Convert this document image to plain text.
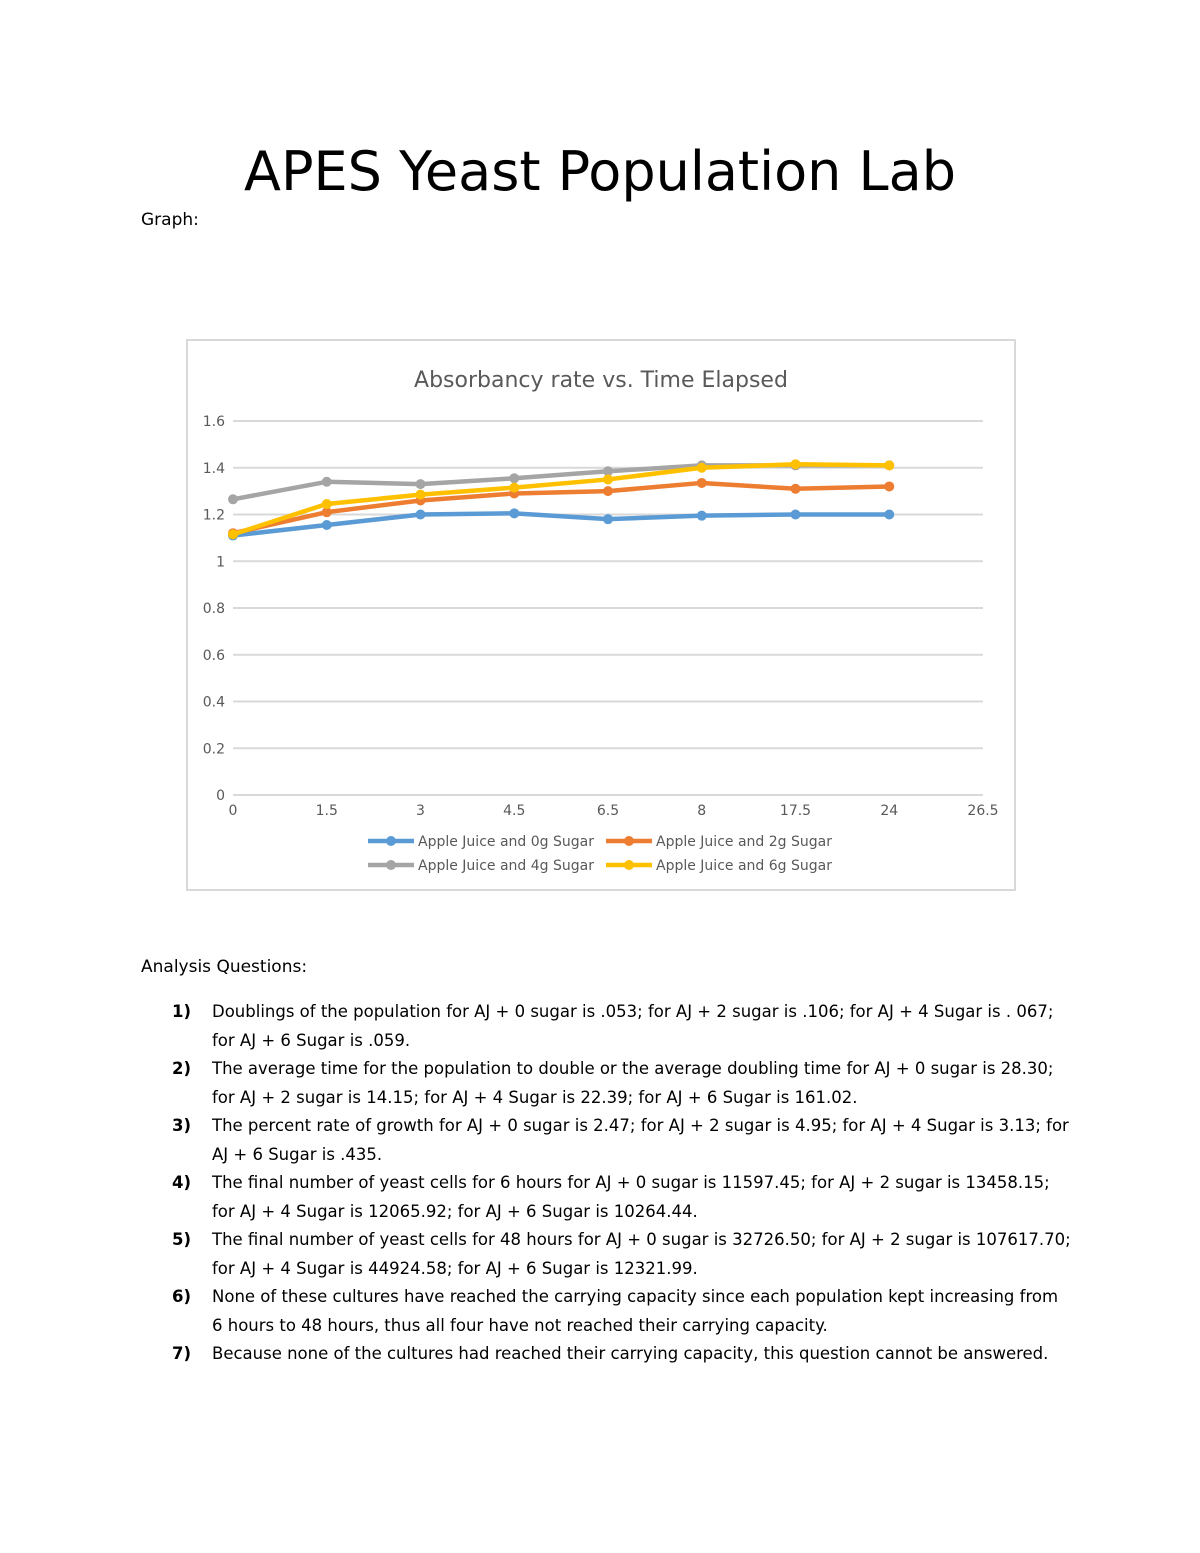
APES Yeast Population Lab
Graph:
Absorbancy rate vs. Time Elapsed
0
0.2
0.4
0.6
0.8
1
1.2
1.4
1.6
0	1.5	3	4.5	6.5	8	17.5	24	26.5
Apple Juice and 0g Sugar	Apple Juice and 2g Sugar
Apple Juice and 4g Sugar	Apple Juice and 6g Sugar
Analysis Questions:
1)	Doublings of the population for AJ + 0 sugar is .053; for AJ + 2 sugar is .106; for AJ + 4 Sugar is . 067; for AJ + 6 Sugar is .059.
2)	The average time for the population to double or the average doubling time for AJ + 0 sugar is 28.30; for AJ + 2 sugar is 14.15; for AJ + 4 Sugar is 22.39; for AJ + 6 Sugar is 161.02.
3)	The percent rate of growth for AJ + 0 sugar is 2.47; for AJ + 2 sugar is 4.95; for AJ + 4 Sugar is 3.13; for AJ + 6 Sugar is .435.
4)	The final number of yeast cells for 6 hours for AJ + 0 sugar is 11597.45; for AJ + 2 sugar is 13458.15; for AJ + 4 Sugar is 12065.92; for AJ + 6 Sugar is 10264.44.
5)	The final number of yeast cells for 48 hours for AJ + 0 sugar is 32726.50; for AJ + 2 sugar is 107617.70; for AJ + 4 Sugar is 44924.58; for AJ + 6 Sugar is 12321.99.
6)	None of these cultures have reached the carrying capacity since each population kept increasing from 6 hours to 48 hours, thus all four have not reached their carrying capacity.
7)	Because none of the cultures had reached their carrying capacity, this question cannot be answered.
